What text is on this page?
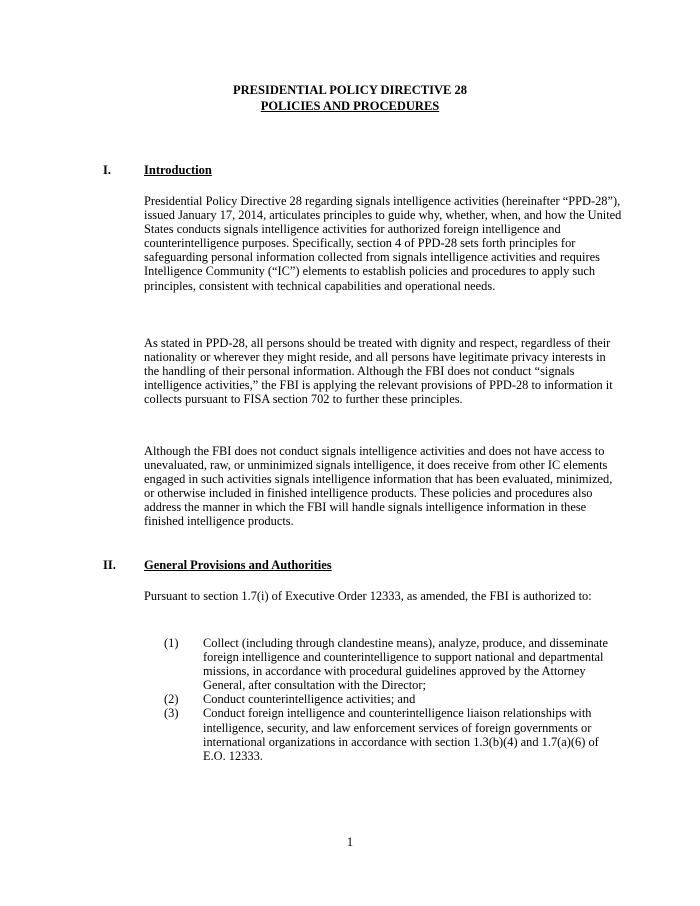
PRESIDENTIAL POLICY DIRECTIVE 28
POLICIES AND PROCEDURES
I.	Introduction

Presidential Policy Directive 28 regarding signals intelligence activities (hereinafter “PPD-28”), issued January 17, 2014, articulates principles to guide why, whether, when, and how the United States conducts signals intelligence activities for authorized foreign intelligence and counterintelligence purposes. Specifically, section 4 of PPD-28 sets forth principles for safeguarding personal information collected from signals intelligence activities and requires Intelligence Community (“IC”) elements to establish policies and procedures to apply such principles, consistent with technical capabilities and operational needs.

As stated in PPD-28, all persons should be treated with dignity and respect, regardless of their nationality or wherever they might reside, and all persons have legitimate privacy interests in the handling of their personal information. Although the FBI does not conduct “signals intelligence activities,” the FBI is applying the relevant provisions of PPD-28 to information it collects pursuant to FISA section 702 to further these principles.

Although the FBI does not conduct signals intelligence activities and does not have access to unevaluated, raw, or unminimized signals intelligence, it does receive from other IC elements engaged in such activities signals intelligence information that has been evaluated, minimized, or otherwise included in finished intelligence products. These policies and procedures also address the manner in which the FBI will handle signals intelligence information in these finished intelligence products.

II. General Provisions and Authorities

Pursuant to section 1.7(i) of Executive Order 12333, as amended, the FBI is authorized to:

(1) Collect (including through clandestine means), analyze, produce, and disseminate foreign intelligence and counterintelligence to support national and departmental missions, in accordance with procedural guidelines approved by the Attorney General, after consultation with the Director;
(2) Conduct counterintelligence activities; and
(3) Conduct foreign intelligence and counterintelligence liaison relationships with intelligence, security, and law enforcement services of foreign governments or international organizations in accordance with section 1.3(b)(4) and 1.7(a)(6) of E.O. 12333.
1
